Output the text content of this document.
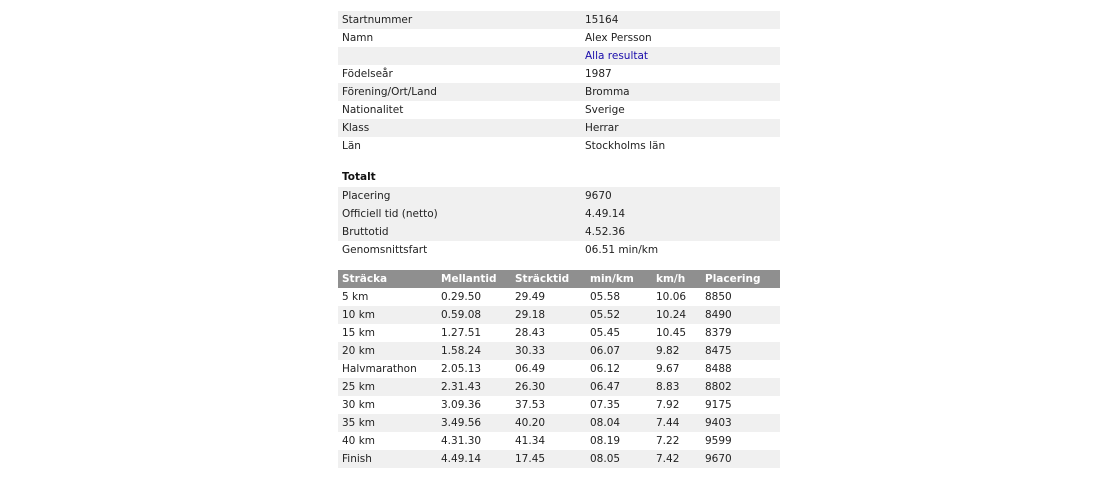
Startnummer	15164
Namn	Alex Persson
	Alla resultat
Födelseår	1987
Förening/Ort/Land	Bromma
Nationalitet	Sverige
Klass	Herrar
Län	Stockholms län
Totalt
Placering	9670
Officiell tid (netto)	4.49.14
Bruttotid	4.52.36
Genomsnittsfart	06.51 min/km
Sträcka	Mellantid	Sträcktid	min/km	km/h	Placering
5 km	0.29.50	29.49	05.58	10.06	8850
10 km	0.59.08	29.18	05.52	10.24	8490
15 km	1.27.51	28.43	05.45	10.45	8379
20 km	1.58.24	30.33	06.07	9.82	8475
Halvmarathon	2.05.13	06.49	06.12	9.67	8488
25 km	2.31.43	26.30	06.47	8.83	8802
30 km	3.09.36	37.53	07.35	7.92	9175
35 km	3.49.56	40.20	08.04	7.44	9403
40 km	4.31.30	41.34	08.19	7.22	9599
Finish	4.49.14	17.45	08.05	7.42	9670
